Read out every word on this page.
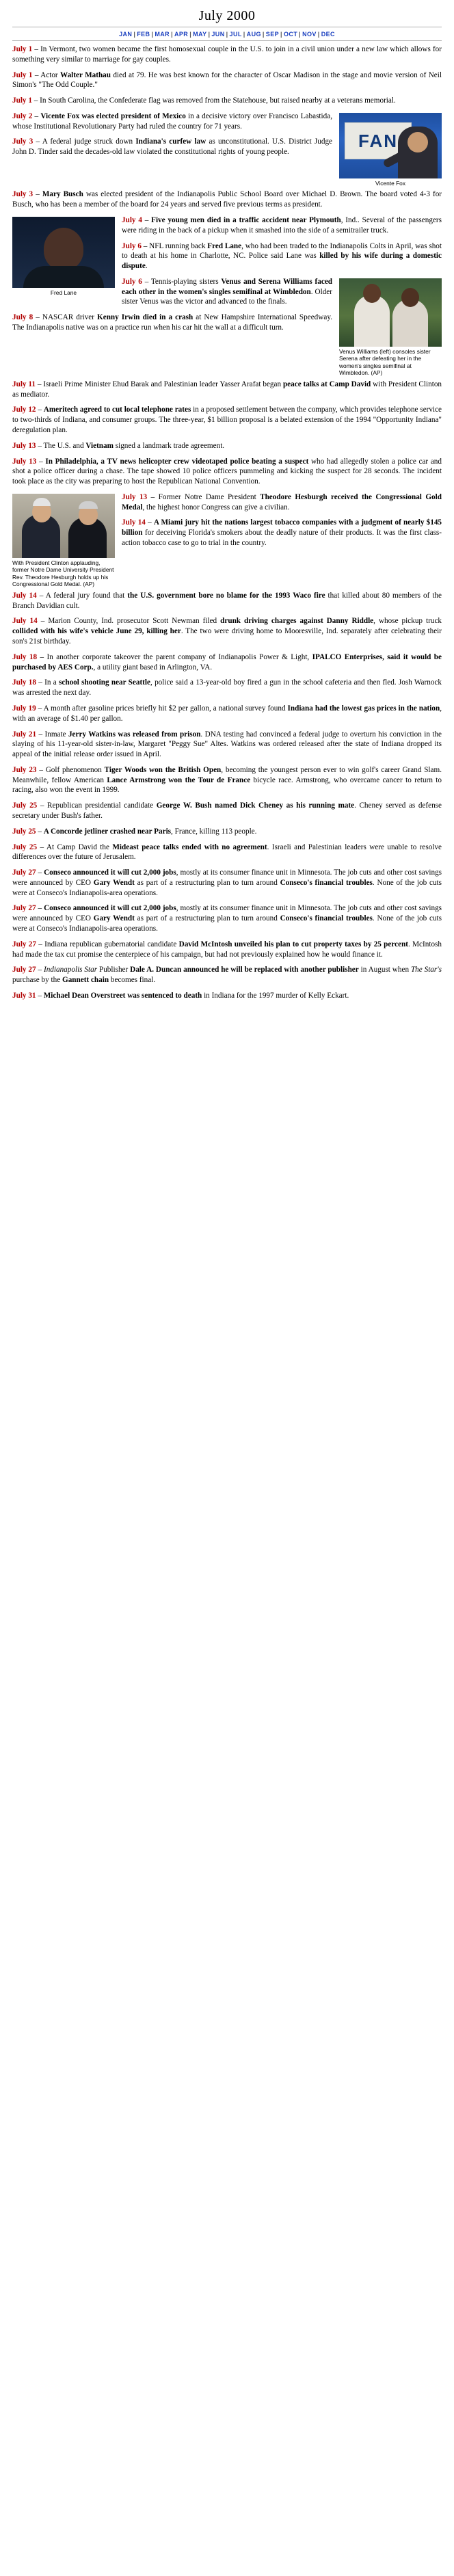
July 2000
JAN | FEB | MAR | APR | MAY | JUN | JUL | AUG | SEP | OCT | NOV | DEC

July 1 – In Vermont, two women became the first homosexual couple in the U.S. to join in a civil union under a new law which allows for something very similar to marriage for gay couples.

July 1 – Actor Walter Mathau died at 79. He was best known for the character of Oscar Madison in the stage and movie version of Neil Simon's "The Odd Couple."

July 1 – In South Carolina, the Confederate flag was removed from the Statehouse, but raised nearby at a veterans memorial.

FAN
Vicente Fox

July 2 – Vicente Fox was elected president of Mexico in a decisive victory over Francisco Labastida, whose Institutional Revolutionary Party had ruled the country for 71 years.

July 3 – A federal judge struck down Indiana's curfew law as unconstitutional. U.S. District Judge John D. Tinder said the decades-old law violated the constitutional rights of young people.

July 3 – Mary Busch was elected president of the Indianapolis Public School Board over Michael D. Brown. The board voted 4-3 for Busch, who has been a member of the board for 24 years and served five previous terms as president.

Fred Lane

July 4 – Five young men died in a traffic accident near Plymouth, Ind.. Several of the passengers were riding in the back of a pickup when it smashed into the side of a semitrailer truck.

July 6 – NFL running back Fred Lane, who had been traded to the Indianapolis Colts in April, was shot to death at his home in Charlotte, NC. Police said Lane was killed by his wife during a domestic dispute.

Venus Williams (left) consoles sister Serena after defeating her in the women's singles semifinal at Wimbledon. (AP)

July 6 – Tennis-playing sisters Venus and Serena Williams faced each other in the women's singles semifinal at Wimbledon. Older sister Venus was the victor and advanced to the finals.

July 8 – NASCAR driver Kenny Irwin died in a crash at New Hampshire International Speedway. The Indianapolis native was on a practice run when his car hit the wall at a difficult turn.

July 11 – Israeli Prime Minister Ehud Barak and Palestinian leader Yasser Arafat began peace talks at Camp David with President Clinton as mediator.

July 12 – Ameritech agreed to cut local telephone rates in a proposed settlement between the company, which provides telephone service to two-thirds of Indiana, and consumer groups. The three-year, $1 billion proposal is a belated extension of the 1994 "Opportunity Indiana" deregulation plan.

July 13 – The U.S. and Vietnam signed a landmark trade agreement.

July 13 – In Philadelphia, a TV news helicopter crew videotaped police beating a suspect who had allegedly stolen a police car and shot a police officer during a chase. The tape showed 10 police officers pummeling and kicking the suspect for 28 seconds. The incident took place as the city was preparing to host the Republican National Convention.

With President Clinton applauding, former Notre Dame University President Rev. Theodore Hesburgh holds up his Congressional Gold Medal. (AP)

July 13 – Former Notre Dame President Theodore Hesburgh received the Congressional Gold Medal, the highest honor Congress can give a civilian.

July 14 – A Miami jury hit the nations largest tobacco companies with a judgment of nearly $145 billion for deceiving Florida's smokers about the deadly nature of their products. It was the first class-action tobacco case to go to trial in the country.

July 14 – A federal jury found that the U.S. government bore no blame for the 1993 Waco fire that killed about 80 members of the Branch Davidian cult.

July 14 – Marion County, Ind. prosecutor Scott Newman filed drunk driving charges against Danny Riddle, whose pickup truck collided with his wife's vehicle June 29, killing her. The two were driving home to Mooresville, Ind. separately after celebrating their son's 21st birthday.

July 18 – In another corporate takeover the parent company of Indianapolis Power & Light, IPALCO Enterprises, said it would be purchased by AES Corp., a utility giant based in Arlington, VA.

July 18 – In a school shooting near Seattle, police said a 13-year-old boy fired a gun in the school cafeteria and then fled. Josh Warnock was arrested the next day.

July 19 – A month after gasoline prices briefly hit $2 per gallon, a national survey found Indiana had the lowest gas prices in the nation, with an average of $1.40 per gallon.

July 21 – Inmate Jerry Watkins was released from prison. DNA testing had convinced a federal judge to overturn his conviction in the slaying of his 11-year-old sister-in-law, Margaret "Peggy Sue" Altes. Watkins was ordered released after the state of Indiana dropped its appeal of the initial release order issued in April.

July 23 – Golf phenomenon Tiger Woods won the British Open, becoming the youngest person ever to win golf's career Grand Slam. Meanwhile, fellow American Lance Armstrong won the Tour de France bicycle race. Armstrong, who overcame cancer to return to racing, also won the event in 1999.

July 25 – Republican presidential candidate George W. Bush named Dick Cheney as his running mate. Cheney served as defense secretary under Bush's father.

July 25 – A Concorde jetliner crashed near Paris, France, killing 113 people.

July 25 – At Camp David the Mideast peace talks ended with no agreement. Israeli and Palestinian leaders were unable to resolve differences over the future of Jerusalem.

July 27 – Conseco announced it will cut 2,000 jobs, mostly at its consumer finance unit in Minnesota. The job cuts and other cost savings were announced by CEO Gary Wendt as part of a restructuring plan to turn around Conseco's financial troubles. None of the job cuts were at Conseco's Indianapolis-area operations.

July 27 – Conseco announced it will cut 2,000 jobs, mostly at its consumer finance unit in Minnesota. The job cuts and other cost savings were announced by CEO Gary Wendt as part of a restructuring plan to turn around Conseco's financial troubles. None of the job cuts were at Conseco's Indianapolis-area operations.

July 27 – Indiana republican gubernatorial candidate David McIntosh unveiled his plan to cut property taxes by 25 percent. McIntosh had made the tax cut promise the centerpiece of his campaign, but had not previously explained how he would finance it.

July 27 – Indianapolis Star Publisher Dale A. Duncan announced he will be replaced with another publisher in August when The Star's purchase by the Gannett chain becomes final.

July 31 – Michael Dean Overstreet was sentenced to death in Indiana for the 1997 murder of Kelly Eckart.
